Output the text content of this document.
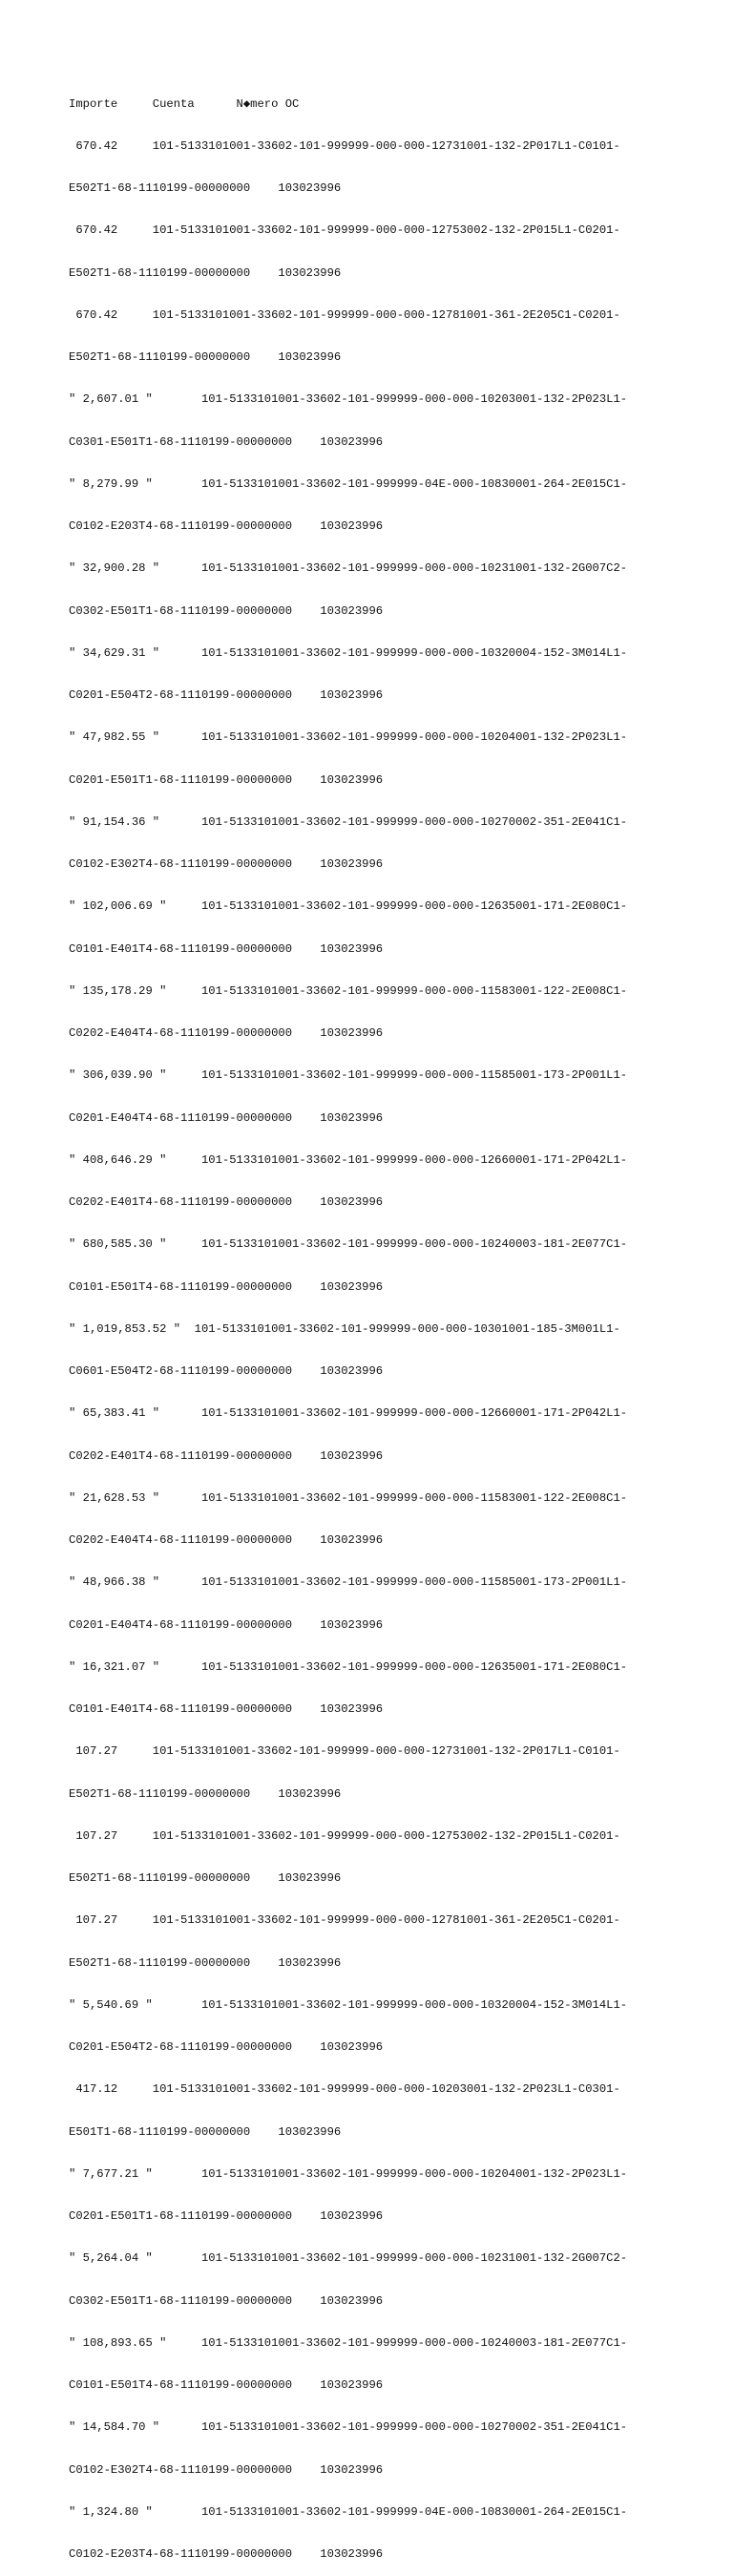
Importe     Cuenta      N◆mero OC

670.42     101-5133101001-33602-101-999999-000-000-12731001-132-2P017L1-C0101-

E502T1-68-1110199-00000000    103023996

670.42     101-5133101001-33602-101-999999-000-000-12753002-132-2P015L1-C0201-

E502T1-68-1110199-00000000    103023996

670.42     101-5133101001-33602-101-999999-000-000-12781001-361-2E205C1-C0201-

E502T1-68-1110199-00000000    103023996

" 2,607.01 "       101-5133101001-33602-101-999999-000-000-10203001-132-2P023L1-

C0301-E501T1-68-1110199-00000000    103023996

" 8,279.99 "       101-5133101001-33602-101-999999-04E-000-10830001-264-2E015C1-

C0102-E203T4-68-1110199-00000000    103023996

" 32,900.28 "      101-5133101001-33602-101-999999-000-000-10231001-132-2G007C2-

C0302-E501T1-68-1110199-00000000    103023996

" 34,629.31 "      101-5133101001-33602-101-999999-000-000-10320004-152-3M014L1-

C0201-E504T2-68-1110199-00000000    103023996

" 47,982.55 "      101-5133101001-33602-101-999999-000-000-10204001-132-2P023L1-

C0201-E501T1-68-1110199-00000000    103023996

" 91,154.36 "      101-5133101001-33602-101-999999-000-000-10270002-351-2E041C1-

C0102-E302T4-68-1110199-00000000    103023996

" 102,006.69 "     101-5133101001-33602-101-999999-000-000-12635001-171-2E080C1-

C0101-E401T4-68-1110199-00000000    103023996

" 135,178.29 "     101-5133101001-33602-101-999999-000-000-11583001-122-2E008C1-

C0202-E404T4-68-1110199-00000000    103023996

" 306,039.90 "     101-5133101001-33602-101-999999-000-000-11585001-173-2P001L1-

C0201-E404T4-68-1110199-00000000    103023996

" 408,646.29 "     101-5133101001-33602-101-999999-000-000-12660001-171-2P042L1-

C0202-E401T4-68-1110199-00000000    103023996

" 680,585.30 "     101-5133101001-33602-101-999999-000-000-10240003-181-2E077C1-

C0101-E501T4-68-1110199-00000000    103023996

" 1,019,853.52 "  101-5133101001-33602-101-999999-000-000-10301001-185-3M001L1-

C0601-E504T2-68-1110199-00000000    103023996

" 65,383.41 "      101-5133101001-33602-101-999999-000-000-12660001-171-2P042L1-

C0202-E401T4-68-1110199-00000000    103023996

" 21,628.53 "      101-5133101001-33602-101-999999-000-000-11583001-122-2E008C1-

C0202-E404T4-68-1110199-00000000    103023996

" 48,966.38 "      101-5133101001-33602-101-999999-000-000-11585001-173-2P001L1-

C0201-E404T4-68-1110199-00000000    103023996

" 16,321.07 "      101-5133101001-33602-101-999999-000-000-12635001-171-2E080C1-

C0101-E401T4-68-1110199-00000000    103023996

107.27     101-5133101001-33602-101-999999-000-000-12731001-132-2P017L1-C0101-

E502T1-68-1110199-00000000    103023996

107.27     101-5133101001-33602-101-999999-000-000-12753002-132-2P015L1-C0201-

E502T1-68-1110199-00000000    103023996

107.27     101-5133101001-33602-101-999999-000-000-12781001-361-2E205C1-C0201-

E502T1-68-1110199-00000000    103023996

" 5,540.69 "       101-5133101001-33602-101-999999-000-000-10320004-152-3M014L1-

C0201-E504T2-68-1110199-00000000    103023996

417.12     101-5133101001-33602-101-999999-000-000-10203001-132-2P023L1-C0301-

E501T1-68-1110199-00000000    103023996

" 7,677.21 "       101-5133101001-33602-101-999999-000-000-10204001-132-2P023L1-

C0201-E501T1-68-1110199-00000000    103023996

" 5,264.04 "       101-5133101001-33602-101-999999-000-000-10231001-132-2G007C2-

C0302-E501T1-68-1110199-00000000    103023996

" 108,893.65 "     101-5133101001-33602-101-999999-000-000-10240003-181-2E077C1-

C0101-E501T4-68-1110199-00000000    103023996

" 14,584.70 "      101-5133101001-33602-101-999999-000-000-10270002-351-2E041C1-

C0102-E302T4-68-1110199-00000000    103023996

" 1,324.80 "       101-5133101001-33602-101-999999-04E-000-10830001-264-2E015C1-

C0102-E203T4-68-1110199-00000000    103023996
